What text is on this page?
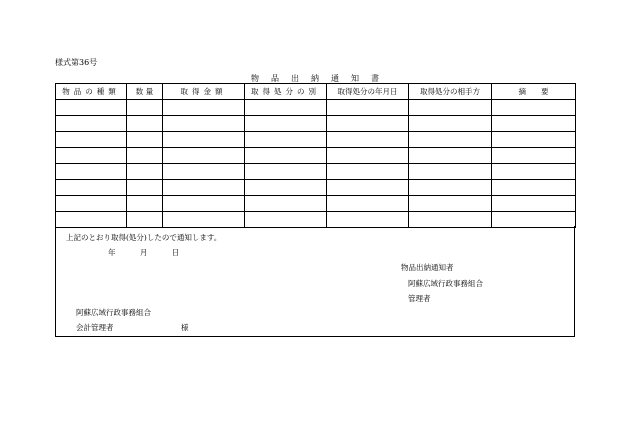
様式第36号
物品出納通知書
物品の種類	数 量	取得金額	取得処分の別	取得処分の年月日	取得処分の相手方	摘　　要

上記のとおり取得(処分)したので通知します。
年	月	日
物品出納通知者
阿蘇広域行政事務組合
管理者
阿蘇広域行政事務組合
会計管理者	様
